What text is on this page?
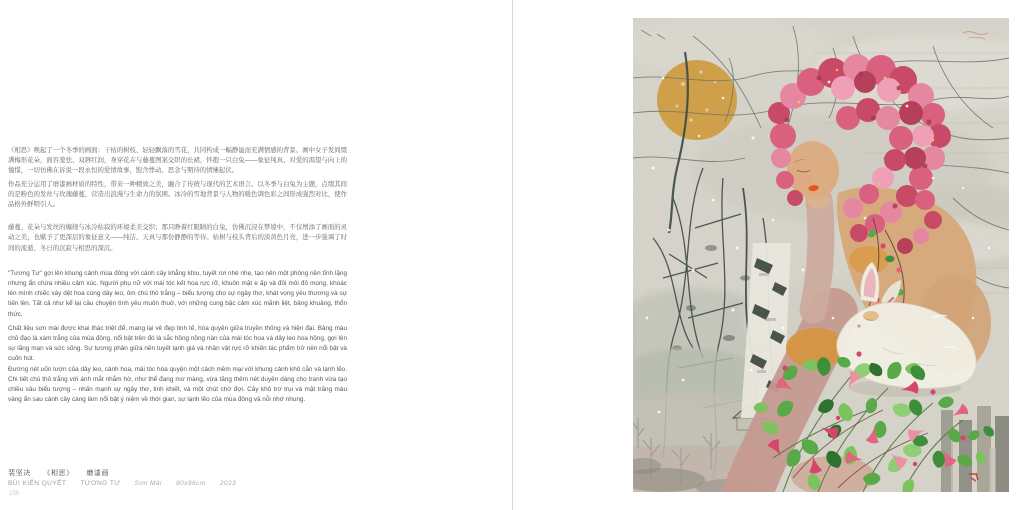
《相思》唤起了一个冬季的画面：干枯的树枝、轻轻飘落的雪花，共同构成一幅静谧而充满情感的背景。画中女子发间缀满梅形花朵，面容羞怯、双唇红润，身穿花卉与藤蔓图案交织的长裙，怀抱一只白兔——象征纯真、对爱的渴望与向上的憧憬，一切仿佛在诉说一段永恒的爱情故事，饱含悸动、思念与期待的情愫起伏。

作品充分运用了磨漆画材质的特性，带来一种精致之美，融合了传统与现代的艺术语言。以冬季与白兔为主题，点缀其间的是粉色的发丝与玫瑰藤蔓，营造出浪漫与生命力的氛围。冰冷的雪地背景与人物的暖色调色彩之间形成强烈对比，使作品格外鲜明引人。

藤蔓、花朵与发丝的缠绕与冰冷枯寂的环境柔美交织；那只睁着红眼睛的白兔，仿佛沉浸在梦境中，不仅增添了画面的灵动之美，也赋予了更深层的象征意义——纯洁、天真与那份静静的等待。枯树与枝头背后的淡黄色月亮，进一步强调了时间的流逝、冬日的沉寂与相思的深沉。

"Tương Tư" gợi lên khung cảnh mùa đông với cành cây khẳng khiu, tuyết rơi nhè nhẹ, tạo nên một phông nền tĩnh lặng nhưng ẩn chứa nhiều cảm xúc. Người phụ nữ với mái tóc kết hoa rực rỡ, khuôn mặt e ấp và đôi môi đỏ mọng, khoác lên mình chiếc váy dệt hoa cùng dây leo, ôm chú thỏ trắng – biểu tượng cho sự ngây thơ, khát vọng yêu thương và sự tiến lên. Tất cả như kể lại câu chuyện tình yêu muôn thuở, với những cung bậc cảm xúc mãnh liệt, bâng khuâng, thổn thức.

Chất liệu sơn mài được khai thác triệt để, mang lại vẻ đẹp tinh tế, hòa quyện giữa truyền thống và hiện đại. Bảng màu chủ đạo là xám trắng của mùa đông, nổi bật trên đó là sắc hồng nồng nàn của mái tóc hoa và dây leo hoa hồng, gợi lên sự lãng mạn và sức sống. Sự tương phản giữa nền tuyết lạnh giá và nhân vật rực rỡ khiến tác phẩm trở nên nổi bật và cuốn hút.

Đường nét uốn lượn của dây leo, cành hoa, mái tóc hòa quyện một cách mềm mại với khung cảnh khô cằn và lạnh lẽo. Chi tiết chú thỏ trắng với ánh mắt nhắm hờ, như thể đang mơ màng, vừa tăng thêm nét duyên dáng cho tranh vừa tạo chiều sâu biểu tượng – nhấn mạnh sự ngây thơ, tinh khiết, và một chút chờ đợi. Cây khô trơ trụi và mặt trăng màu vàng ẩn sau cành cây càng làm nổi bật ý niệm về thời gian, sự lạnh lẽo của mùa đông và nỗi nhớ nhung.

裴坚决 《相思》 磨漆画
BÙI KIẾN QUYẾT TƯƠNG TƯ Sơn Mài 80x96cm 2023
159
